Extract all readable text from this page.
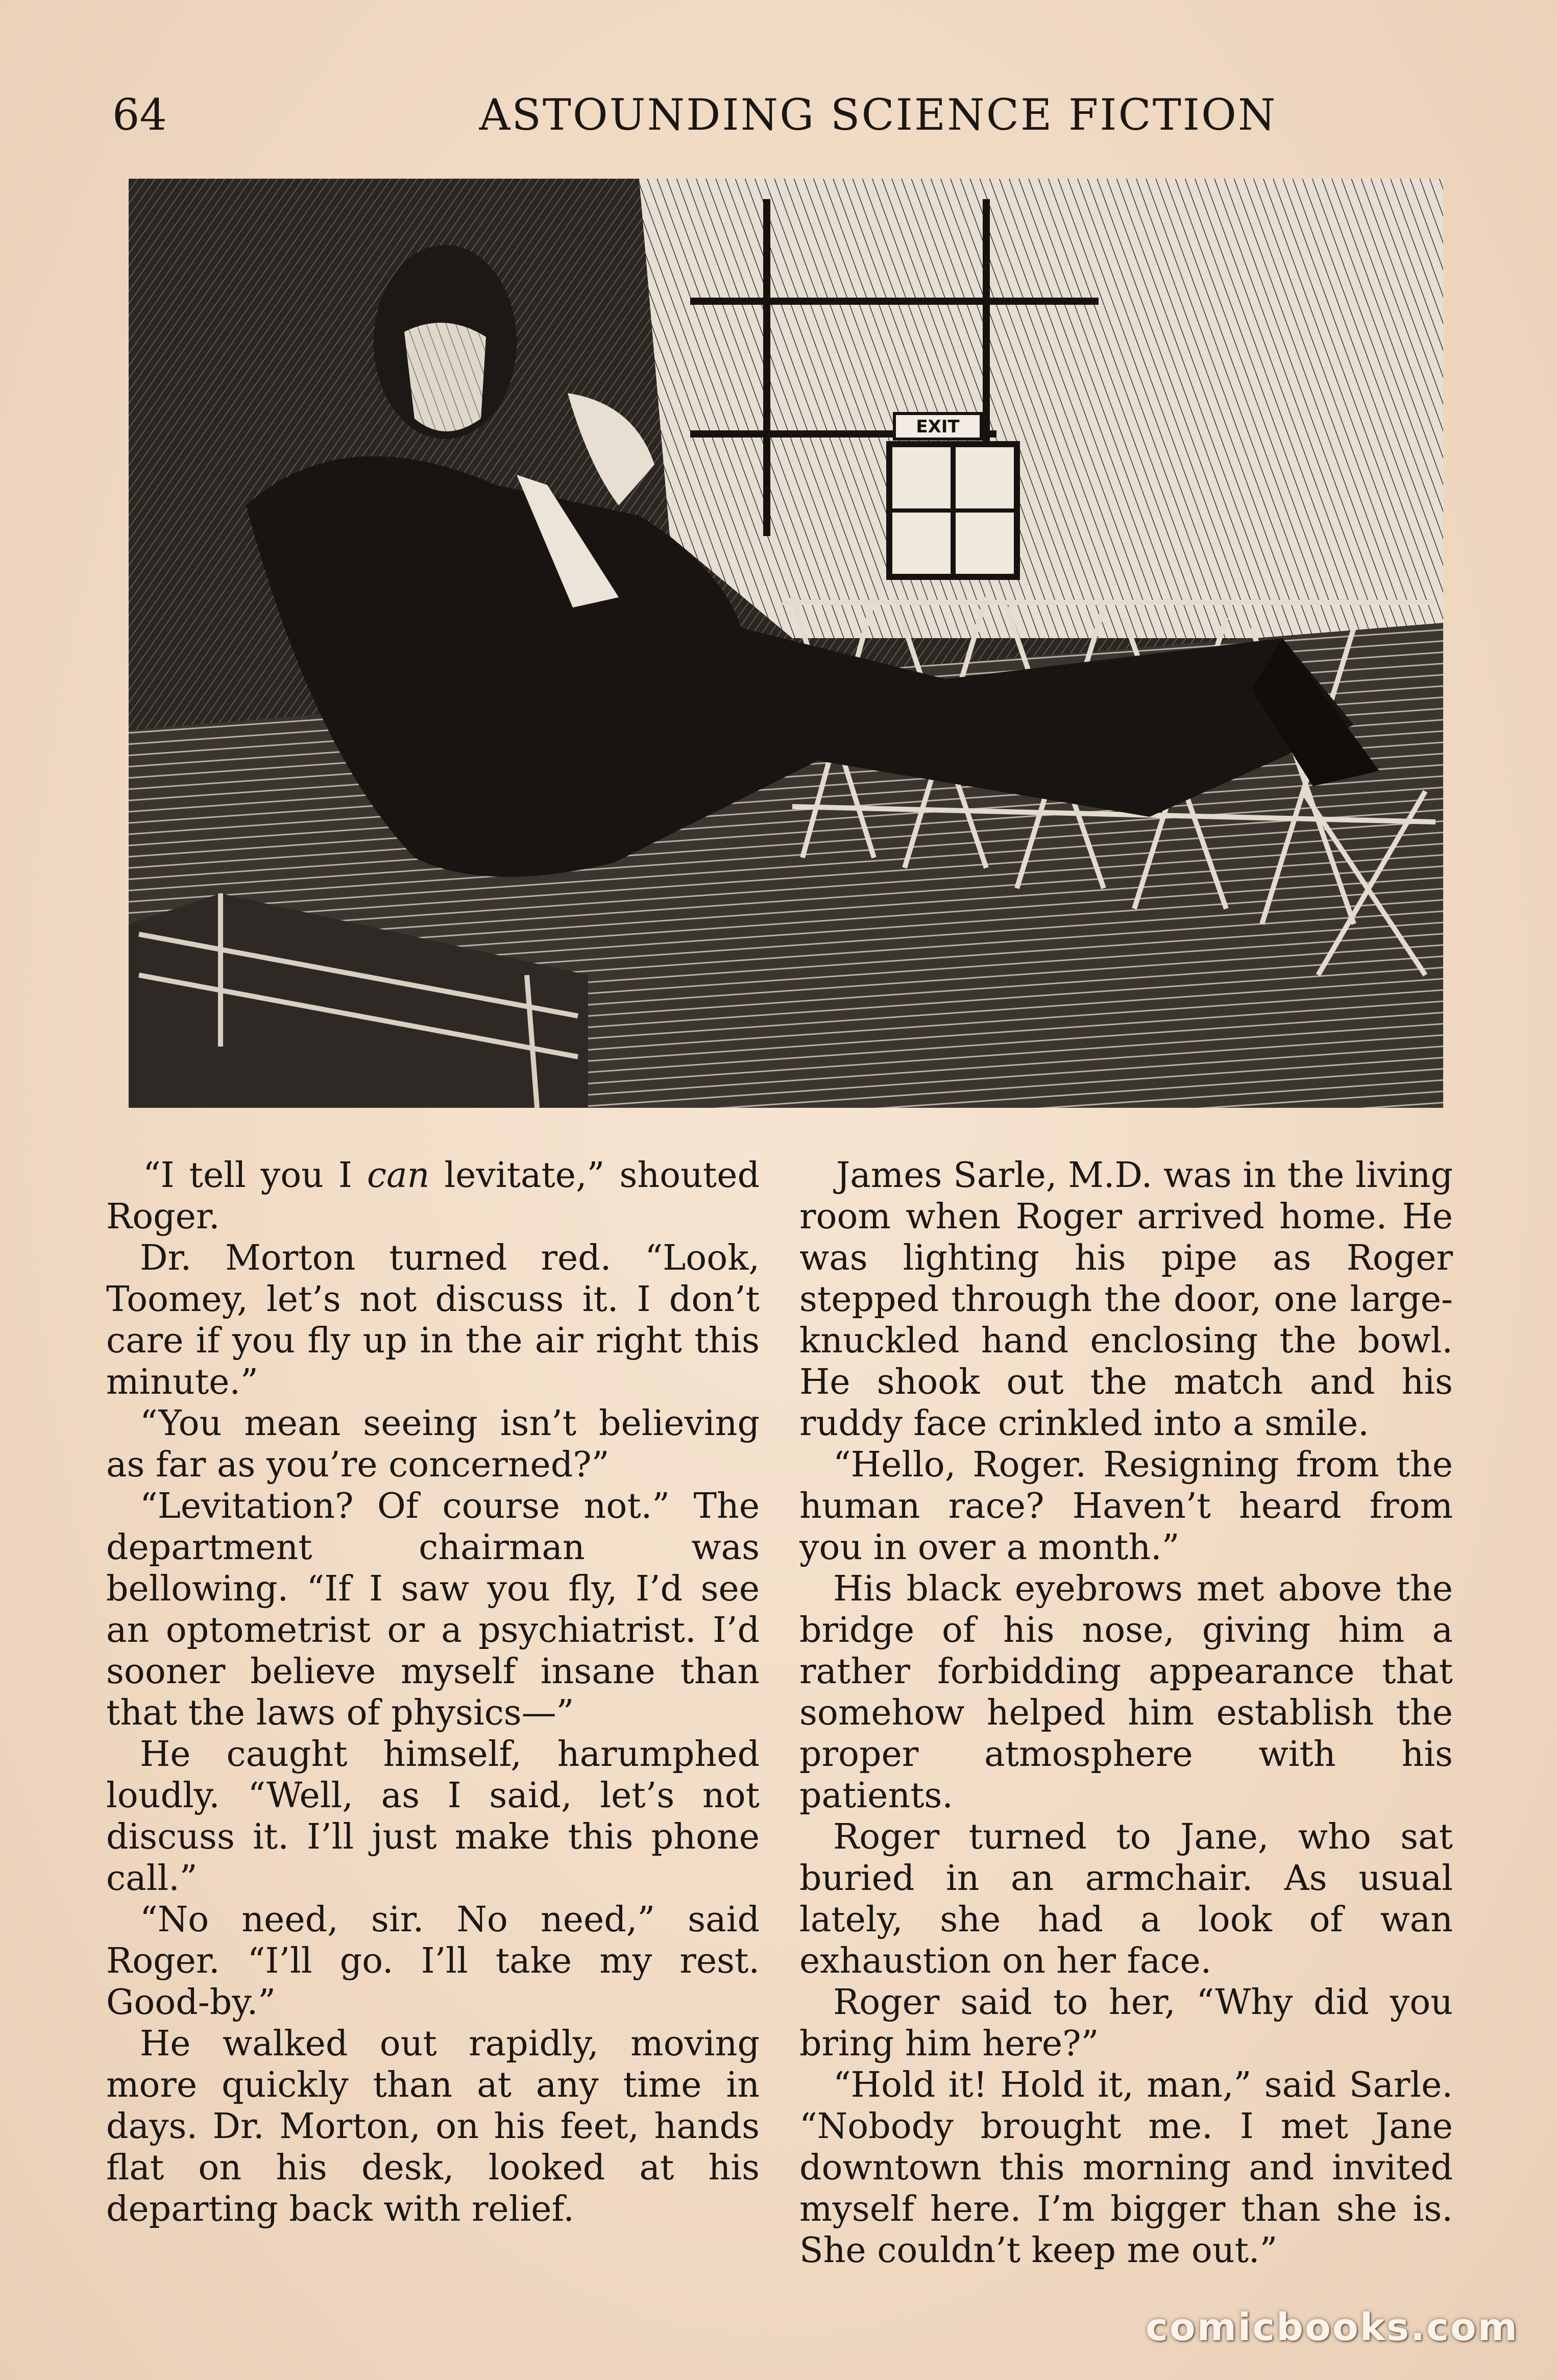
64	ASTOUNDING SCIENCE FICTION
EXIT

“I tell you I can levitate,” shouted Roger.

Dr. Morton turned red. “Look, Toomey, let’s not discuss it. I don’t care if you fly up in the air right this minute.”

“You mean seeing isn’t believing as far as you’re concerned?”

“Levitation? Of course not.” The department chairman was bellowing. “If I saw you fly, I’d see an optometrist or a psychiatrist. I’d sooner believe myself insane than that the laws of physics—”

He caught himself, harumphed loudly. “Well, as I said, let’s not discuss it. I’ll just make this phone call.”

“No need, sir. No need,” said Roger. “I’ll go. I’ll take my rest. Good-by.”

He walked out rapidly, moving more quickly than at any time in days. Dr. Morton, on his feet, hands flat on his desk, looked at his departing back with relief.

James Sarle, M.D. was in the living room when Roger arrived home. He was lighting his pipe as Roger stepped through the door, one large-knuckled hand enclosing the bowl. He shook out the match and his ruddy face crinkled into a smile.

“Hello, Roger. Resigning from the human race? Haven’t heard from you in over a month.”

His black eyebrows met above the bridge of his nose, giving him a rather forbidding appearance that somehow helped him establish the proper atmosphere with his patients.

Roger turned to Jane, who sat buried in an armchair. As usual lately, she had a look of wan exhaustion on her face.

Roger said to her, “Why did you bring him here?”

“Hold it! Hold it, man,” said Sarle. “Nobody brought me. I met Jane downtown this morning and invited myself here. I’m bigger than she is. She couldn’t keep me out.”

comicbooks.com
